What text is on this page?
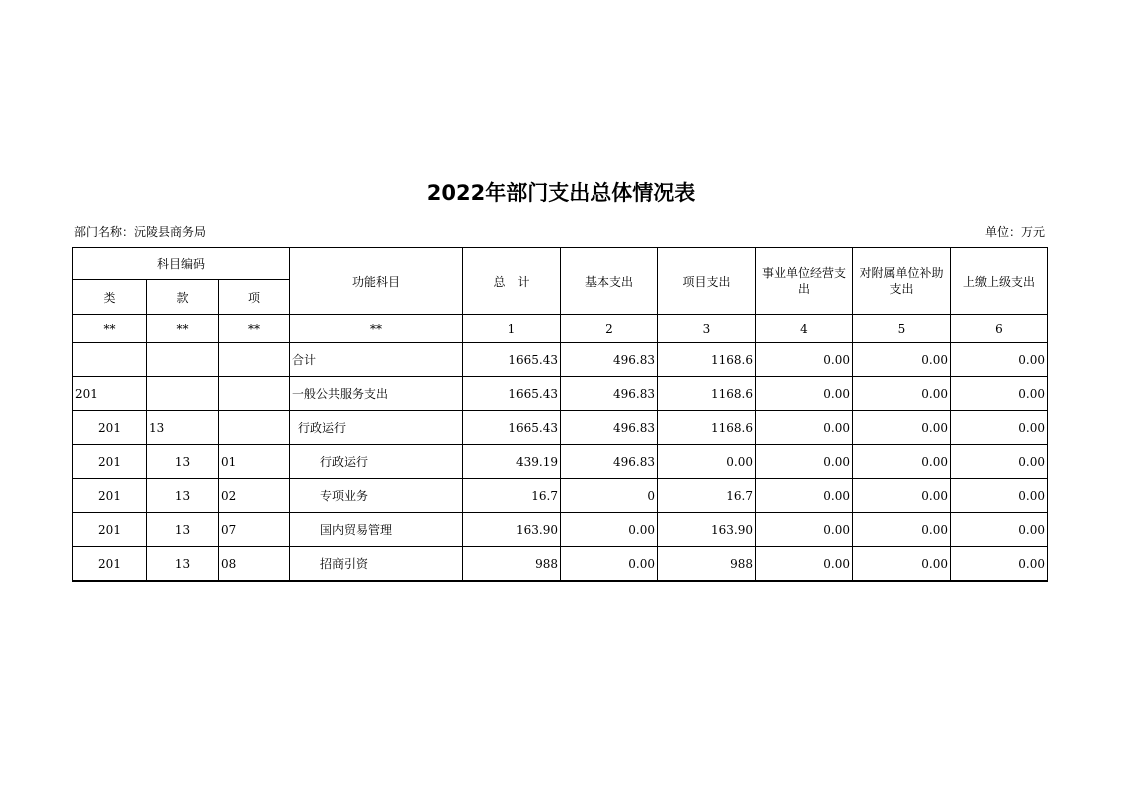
2022年部门支出总体情况表
部门名称：沅陵县商务局	单位：万元
科目编码			功能科目	总　计	基本支出	项目支出	事业单位经营支出	对附属单位补助支出	上缴上级支出
类	款	项							
**	**	**	**	1	2	3	4	5	6
			合计	1665.43	496.83	1168.6	0.00	0.00	0.00
201			一般公共服务支出	1665.43	496.83	1168.6	0.00	0.00	0.00
201	13		行政运行	1665.43	496.83	1168.6	0.00	0.00	0.00
201	13	01	行政运行	439.19	496.83	0.00	0.00	0.00	0.00
201	13	02	专项业务	16.7	0	16.7	0.00	0.00	0.00
201	13	07	国内贸易管理	163.90	0.00	163.90	0.00	0.00	0.00
201	13	08	招商引资	988	0.00	988	0.00	0.00	0.00
